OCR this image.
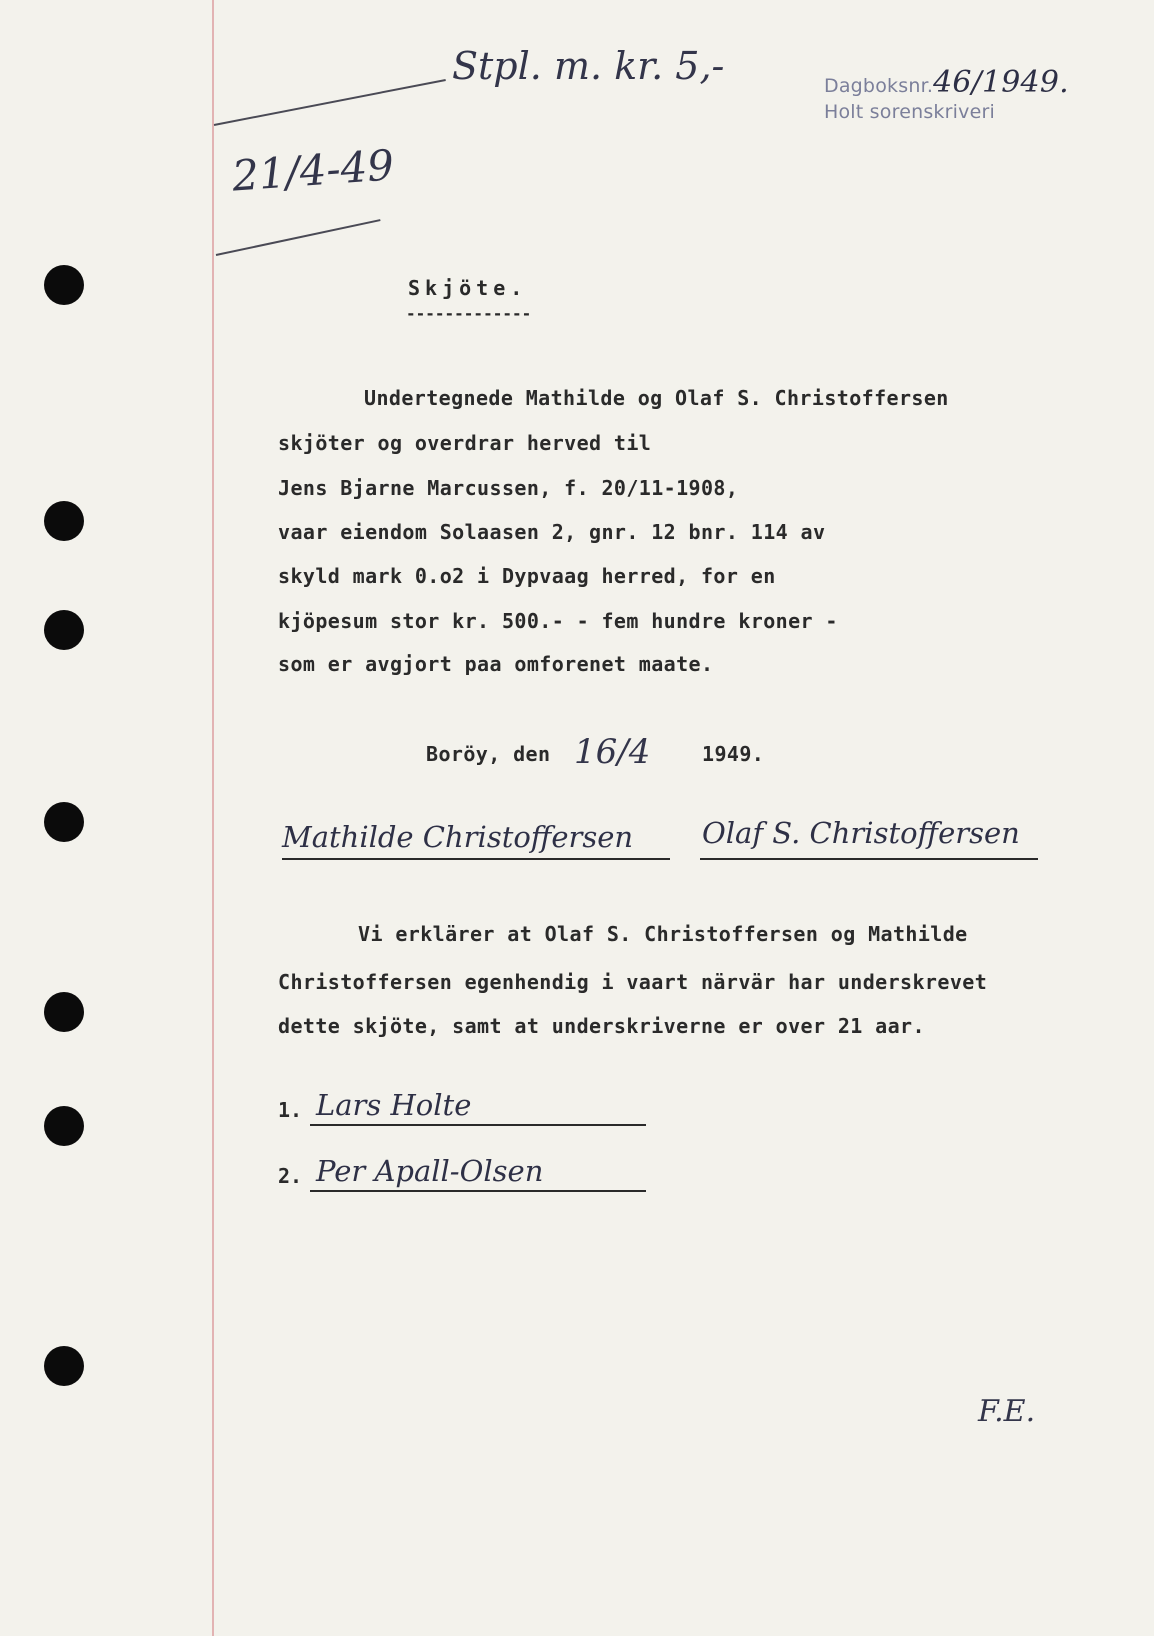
Stpl. m. kr. 5,-
21/4-49
Dagboksnr.46/1949.
Holt sorenskriveri
Skjöte.
-------------
Undertegnede Mathilde og Olaf S. Christoffersen
skjöter og overdrar herved til
Jens Bjarne Marcussen, f. 20/11-1908,
vaar eiendom Solaasen 2, gnr. 12 bnr. 114 av
skyld mark 0.o2 i Dypvaag herred, for en
kjöpesum stor kr. 500.- - fem hundre kroner -
som er avgjort paa omforenet maate.
Boröy, den 16/4	1949.
Mathilde Christoffersen Olaf S. Christoffersen
Vi erklärer at Olaf S. Christoffersen og Mathilde
Christoffersen egenhendig i vaart närvär har underskrevet
dette skjöte, samt at underskriverne er over 21 aar.
1. Lars Holte
2. Per Apall-Olsen
F.E.
